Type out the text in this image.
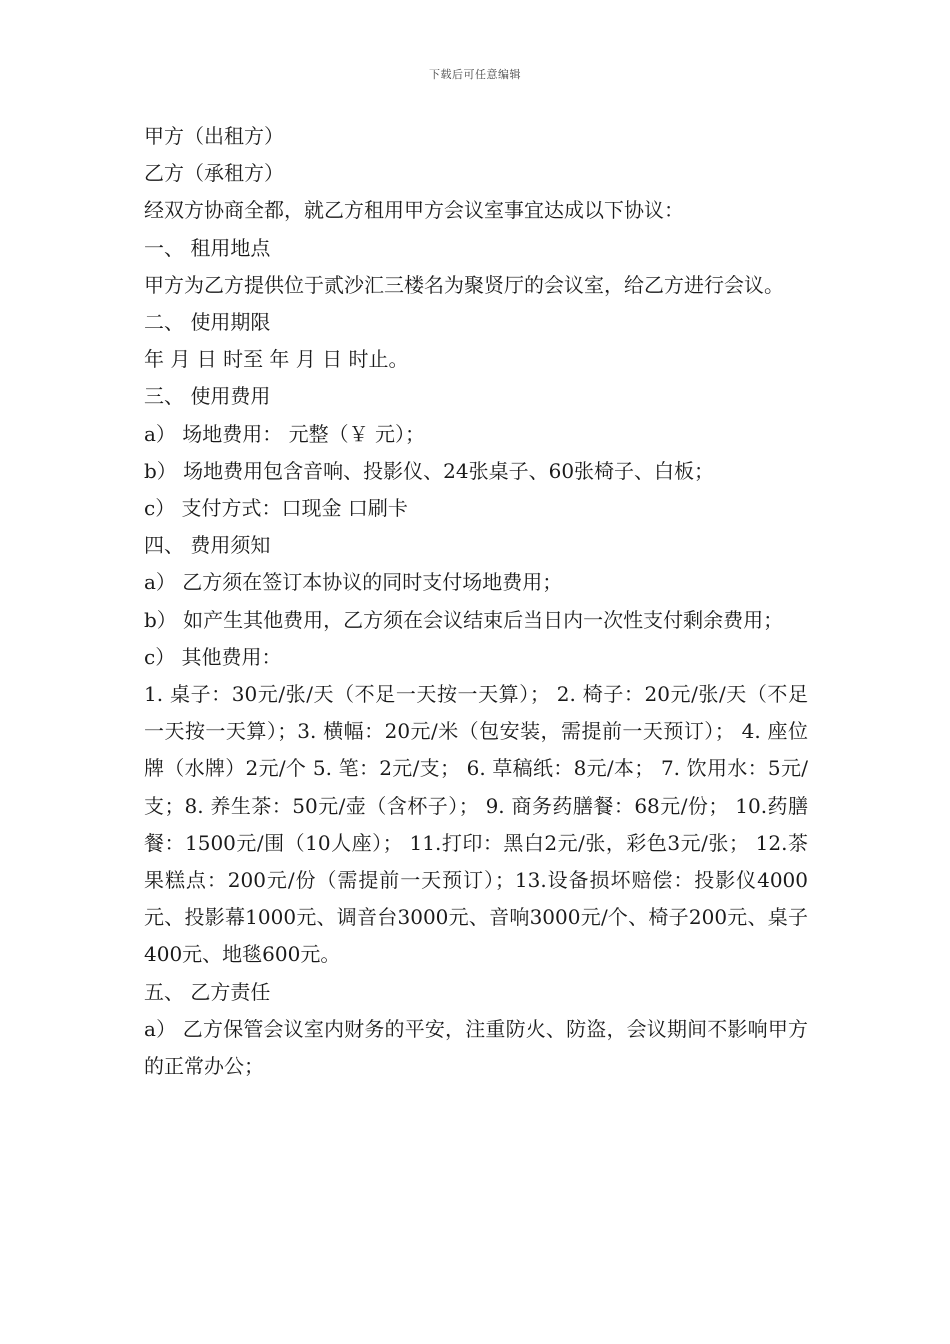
下载后可任意编辑

甲方（出租方）

乙方（承租方）

经双方协商全都，就乙方租用甲方会议室事宜达成以下协议：

一、 租用地点

甲方为乙方提供位于贰沙汇三楼名为聚贤厅的会议室，给乙方进行会议。

二、 使用期限

年 月 日 时至 年 月 日 时止。

三、 使用费用

a） 场地费用： 元整（￥ 元）；

b） 场地费用包含音响、投影仪、24张桌子、60张椅子、白板；

c） 支付方式：口现金 口刷卡

四、 费用须知

a） 乙方须在签订本协议的同时支付场地费用；

b） 如产生其他费用，乙方须在会议结束后当日内一次性支付剩余费用；

c） 其他费用：

1. 桌子：30元/张/天（不足一天按一天算）； 2. 椅子：20元/张/天（不足一天按一天算）；3. 横幅：20元/米（包安装，需提前一天预订）； 4. 座位牌（水牌）2元/个 5. 笔：2元/支； 6. 草稿纸：8元/本； 7. 饮用水：5元/支；8. 养生茶：50元/壶（含杯子）； 9. 商务药膳餐：68元/份； 10.药膳餐：1500元/围（10人座）； 11.打印：黑白2元/张，彩色3元/张； 12.茶果糕点：200元/份（需提前一天预订）；13.设备损坏赔偿：投影仪4000元、投影幕1000元、调音台3000元、音响3000元/个、椅子200元、桌子400元、地毯600元。

五、 乙方责任

a） 乙方保管会议室内财务的平安，注重防火、防盗，会议期间不影响甲方的正常办公；
